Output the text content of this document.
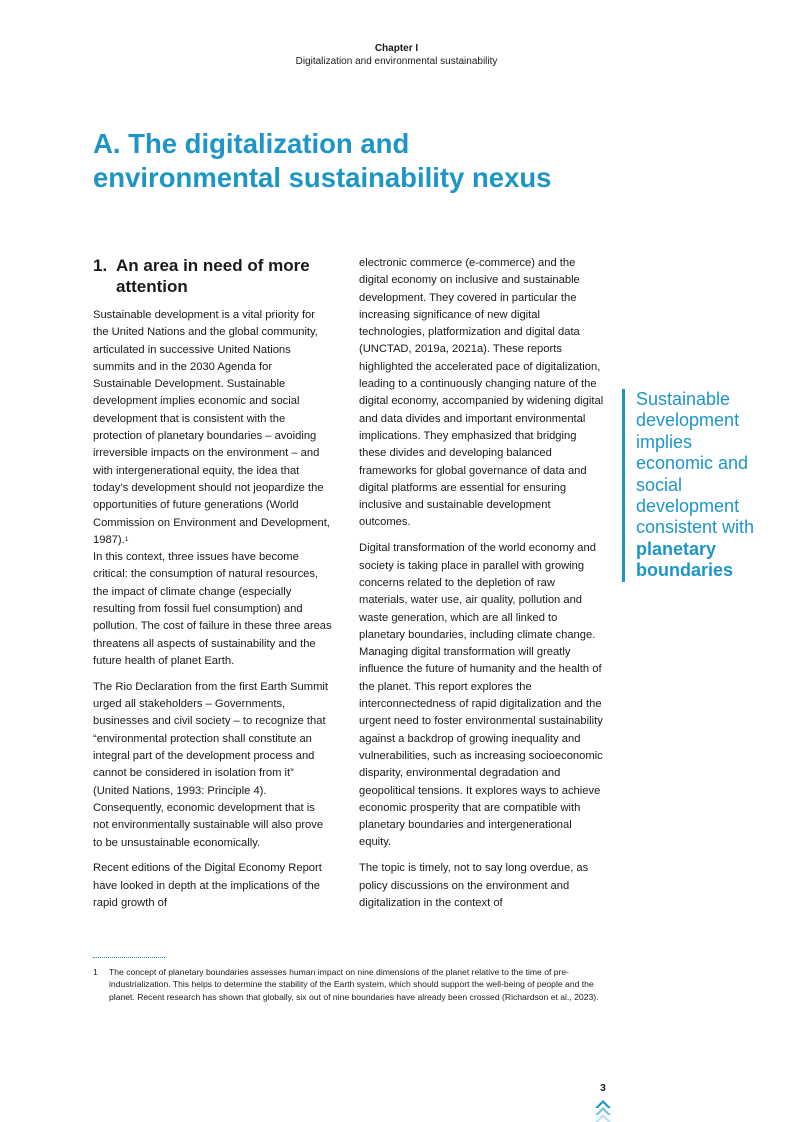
Chapter I
Digitalization and environmental sustainability
A. The digitalization and
environmental sustainability nexus
1. An area in need of more attention

Sustainable development is a vital priority for the United Nations and the global community, articulated in successive United Nations summits and in the 2030 Agenda for Sustainable Development. Sustainable development implies economic and social development that is consistent with the protection of planetary boundaries – avoiding irreversible impacts on the environment – and with intergenerational equity, the idea that today’s development should not jeopardize the opportunities of future generations (World Commission on Environment and Development, 1987).$^1$
In this context, three issues have become critical: the consumption of natural resources, the impact of climate change (especially resulting from fossil fuel consumption) and pollution. The cost of failure in these three areas threatens all aspects of sustainability and the future health of planet Earth.

The Rio Declaration from the first Earth Summit urged all stakeholders – Governments, businesses and civil society – to recognize that “environmental protection shall constitute an integral part of the development process and cannot be considered in isolation from it” (United Nations, 1993: Principle 4). Consequently, economic development that is not environmentally sustainable will also prove to be unsustainable economically.

Recent editions of the Digital Economy Report have looked in depth at the implications of the rapid growth of

electronic commerce (e-commerce) and the digital economy on inclusive and sustainable development. They covered in particular the increasing significance of new digital technologies, platformization and digital data (UNCTAD, 2019a, 2021a). These reports highlighted the accelerated pace of digitalization, leading to a continuously changing nature of the digital economy, accompanied by widening digital and data divides and important environmental implications. They emphasized that bridging these divides and developing balanced frameworks for global governance of data and digital platforms are essential for ensuring inclusive and sustainable development outcomes.

Digital transformation of the world economy and society is taking place in parallel with growing concerns related to the depletion of raw materials, water use, air quality, pollution and waste generation, which are all linked to planetary boundaries, including climate change. Managing digital transformation will greatly influence the future of humanity and the health of the planet. This report explores the interconnectedness of rapid digitalization and the urgent need to foster environmental sustainability against a backdrop of growing inequality and vulnerabilities, such as increasing socioeconomic disparity, environmental degradation and geopolitical tensions. It explores ways to achieve economic prosperity that are compatible with planetary boundaries and intergenerational equity.

The topic is timely, not to say long overdue, as policy discussions on the environment and digitalization in the context of

Sustainable development implies economic and social development consistent with planetary boundaries
1	The concept of planetary boundaries assesses human impact on nine dimensions of the planet relative to the time of pre-industrialization. This helps to determine the stability of the Earth system, which should support the well-being of people and the planet. Recent research has shown that globally, six out of nine boundaries have already been crossed (Richardson et al., 2023).
3
